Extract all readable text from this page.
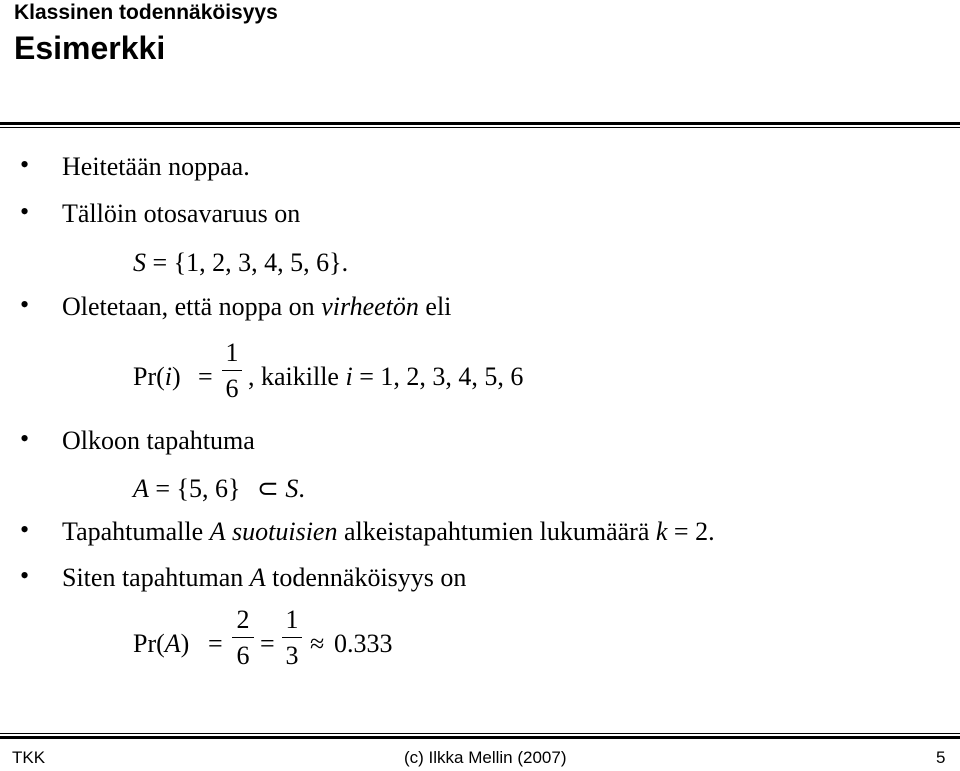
Klassinen todennäköisyys
Esimerkki
• Heitetään noppaa.
• Tällöin otosavaruus on
S = {1, 2, 3, 4, 5, 6}.
• Oletetaan, että noppa on virheetön eli
Pr(i) =
1
6 , kaikille i = 1, 2, 3, 4, 5, 6
• Olkoon tapahtuma
A = {5, 6} ⊂ S.
• Tapahtumalle A suotuisien alkeistapahtumien lukumäärä k = 2.
• Siten tapahtuman A todennäköisyys on
Pr(A) =
2
6 =
1
3 ≈ 0.333
TKK	(c) Ilkka Mellin (2007)	5
